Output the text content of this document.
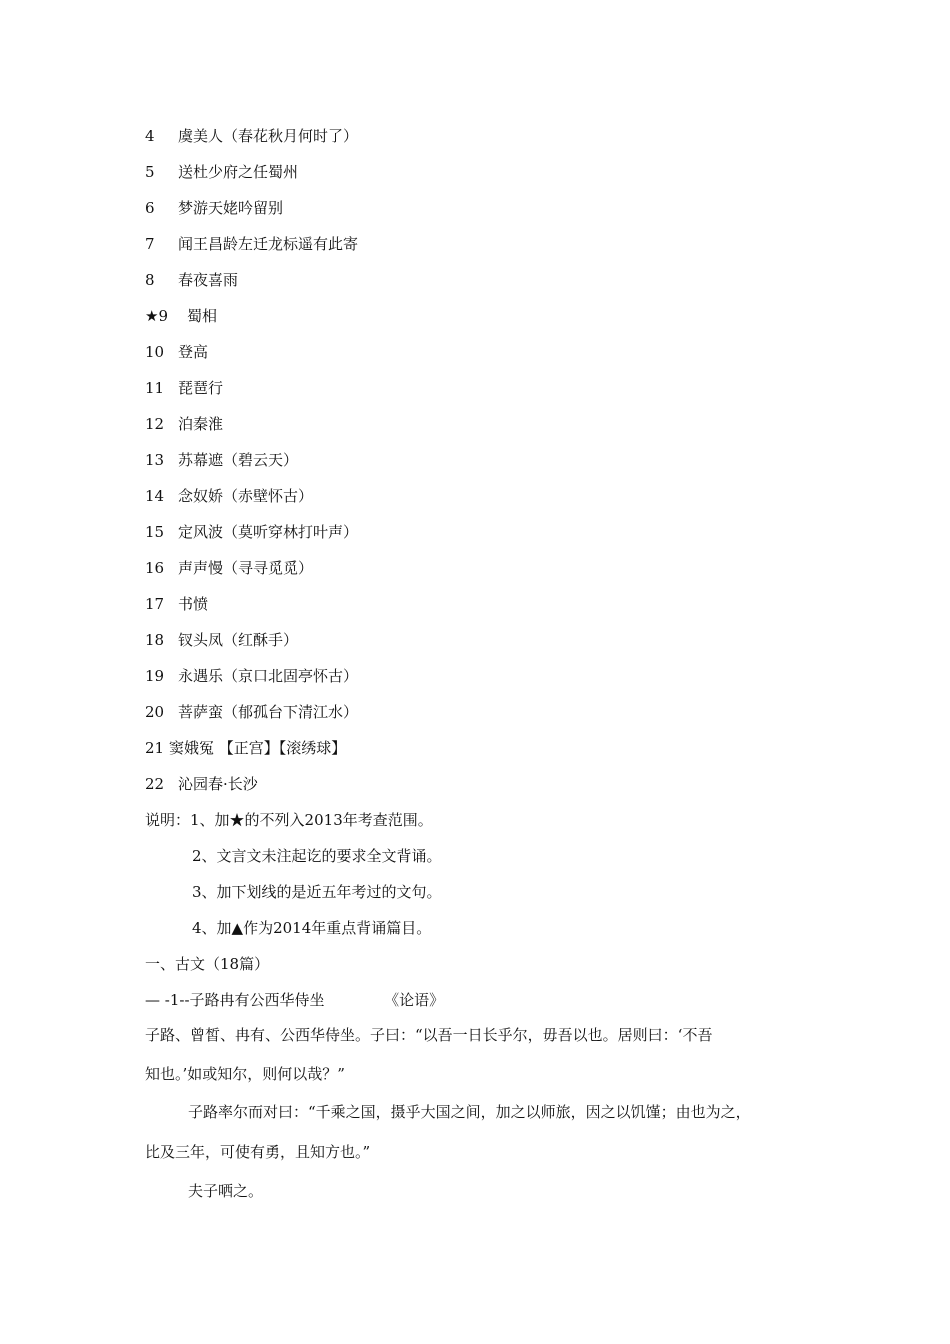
4 虞美人（春花秋月何时了）
5 送杜少府之任蜀州
6 梦游天姥吟留别
7 闻王昌龄左迁龙标遥有此寄
8 春夜喜雨
★9 蜀相
10 登高
11 琵琶行
12 泊秦淮
13 苏幕遮（碧云天）
14 念奴娇（赤壁怀古）
15 定风波（莫听穿林打叶声）
16 声声慢（寻寻觅觅）
17 书愤
18 钗头凤（红酥手）
19 永遇乐（京口北固亭怀古）
20 菩萨蛮（郁孤台下清江水）
21 窦娥冤 【正宫】【滚绣球】
22 沁园春·长沙
说明：1、加★的不列入2013年考查范围。
2、文言文未注起讫的要求全文背诵。
3、加下划线的是近五年考过的文句。
4、加▲作为2014年重点背诵篇目。
一、古文（18篇）
— -1--子路冉有公西华侍坐	《论语》
子路、曾皙、冉有、公西华侍坐。子曰：“以吾一日长乎尔，毋吾以也。居则曰：‘不吾
知也。’如或知尔，则何以哉？”
子路率尔而对曰：“千乘之国，摄乎大国之间，加之以师旅，因之以饥馑；由也为之，
比及三年，可使有勇，且知方也。”
夫子哂之。
